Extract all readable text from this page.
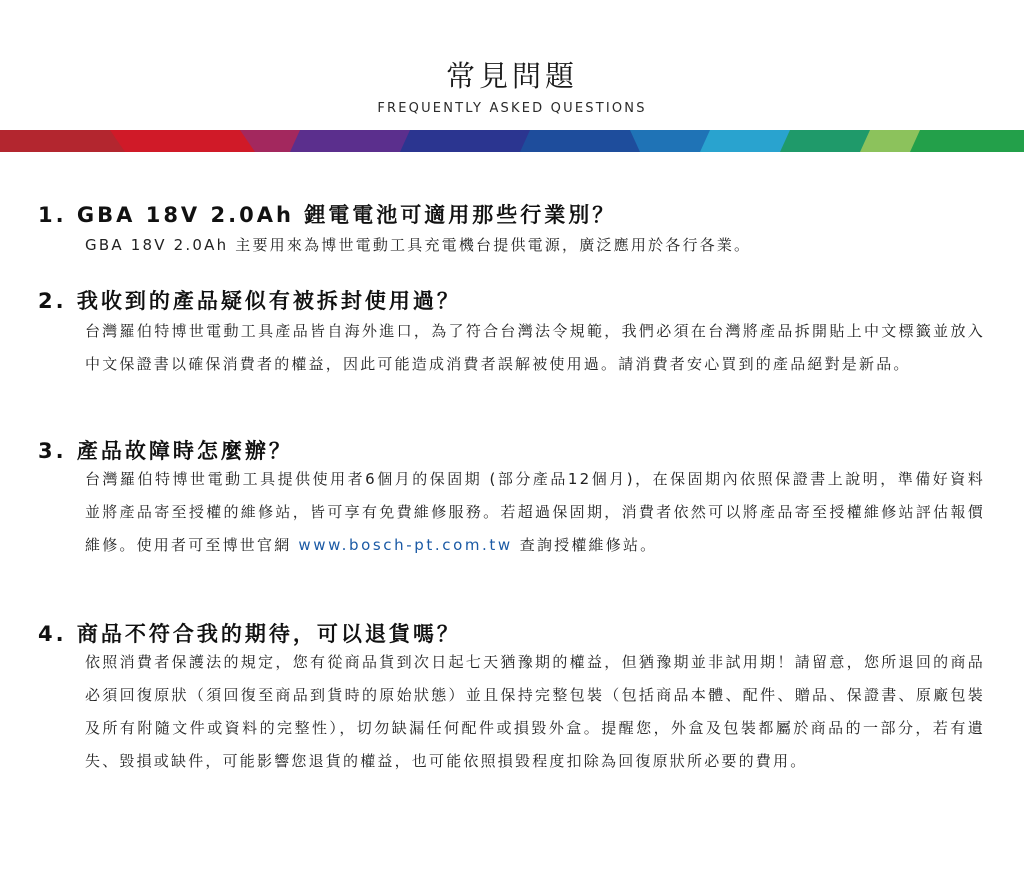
常見問題
FREQUENTLY ASKED QUESTIONS
1. GBA 18V 2.0Ah 鋰電電池可適用那些行業別？
GBA 18V 2.0Ah 主要用來為博世電動工具充電機台提供電源，廣泛應用於各行各業。
2. 我收到的產品疑似有被拆封使用過？
台灣羅伯特博世電動工具產品皆自海外進口，為了符合台灣法令規範，我們必須在台灣將產品拆開貼上中文標籤並放入中文保證書以確保消費者的權益，因此可能造成消費者誤解被使用過。請消費者安心買到的產品絕對是新品。
3. 產品故障時怎麼辦？
台灣羅伯特博世電動工具提供使用者6個月的保固期 (部分產品12個月)，在保固期內依照保證書上說明，準備好資料並將產品寄至授權的維修站，皆可享有免費維修服務。若超過保固期，消費者依然可以將產品寄至授權維修站評估報價維修。使用者可至博世官網 www.bosch-pt.com.tw 查詢授權維修站。
4. 商品不符合我的期待，可以退貨嗎？
依照消費者保護法的規定，您有從商品貨到次日起七天猶豫期的權益，但猶豫期並非試用期！請留意，您所退回的商品必須回復原狀（須回復至商品到貨時的原始狀態）並且保持完整包裝（包括商品本體、配件、贈品、保證書、原廠包裝及所有附隨文件或資料的完整性），切勿缺漏任何配件或損毀外盒。提醒您，外盒及包裝都屬於商品的一部分，若有遺失、毀損或缺件，可能影響您退貨的權益，也可能依照損毀程度扣除為回復原狀所必要的費用。
